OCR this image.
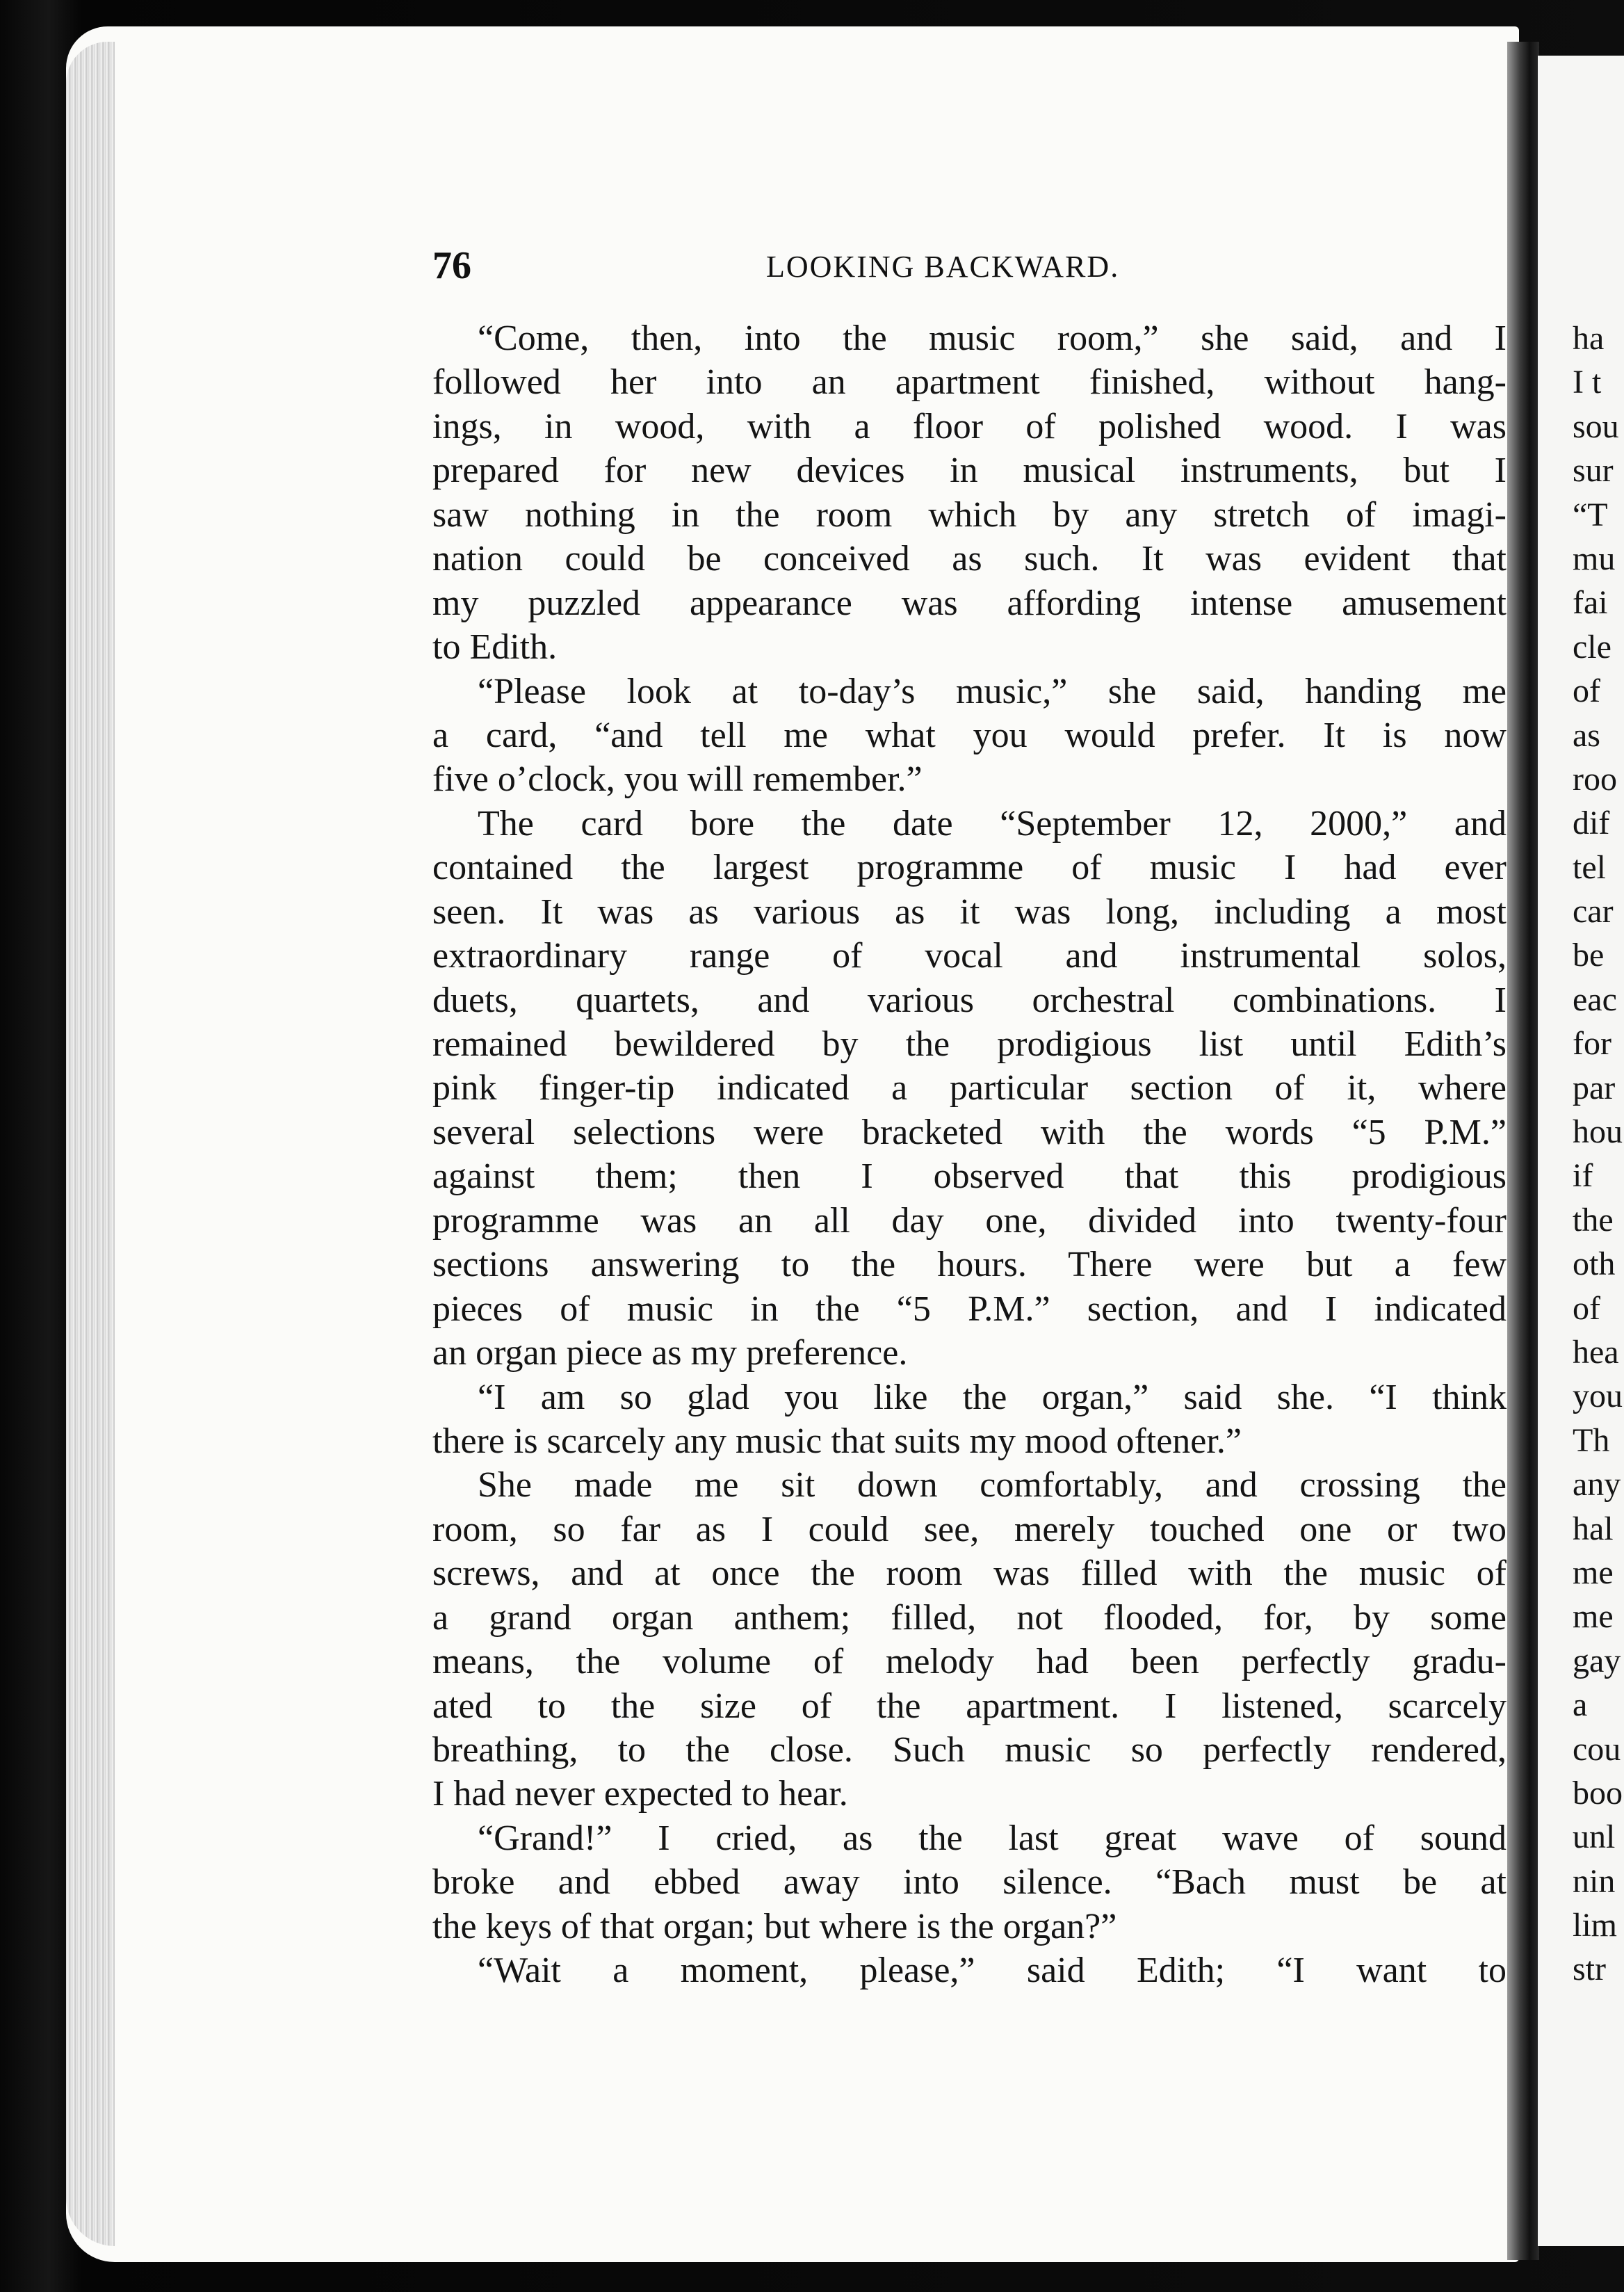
ha
I t
sou
sur
“T
mu
fai
cle
of
as
roo
dif
tel
car
be
eac
for
par
hou
if
the
oth
of
hea
you
Th
any
hal
me
me
gay
a
cou
boo
unl
nin
lim
str

76	LOOKING BACKWARD.

“Come, then, into the music room,” she said, and I
followed her into an apartment finished, without hang-
ings, in wood, with a floor of polished wood. I was
prepared for new devices in musical instruments, but I
saw nothing in the room which by any stretch of imagi-
nation could be conceived as such. It was evident that
my puzzled appearance was affording intense amusement
to Edith.
“Please look at to-day’s music,” she said, handing me
a card, “and tell me what you would prefer. It is now
five o’clock, you will remember.”
The card bore the date “September 12, 2000,” and
contained the largest programme of music I had ever
seen. It was as various as it was long, including a most
extraordinary range of vocal and instrumental solos,
duets, quartets, and various orchestral combinations. I
remained bewildered by the prodigious list until Edith’s
pink finger-tip indicated a particular section of it, where
several selections were bracketed with the words “5 P.M.”
against them; then I observed that this prodigious
programme was an all day one, divided into twenty-four
sections answering to the hours. There were but a few
pieces of music in the “5 P.M.” section, and I indicated
an organ piece as my preference.
“I am so glad you like the organ,” said she. “I think
there is scarcely any music that suits my mood oftener.”
She made me sit down comfortably, and crossing the
room, so far as I could see, merely touched one or two
screws, and at once the room was filled with the music of
a grand organ anthem; filled, not flooded, for, by some
means, the volume of melody had been perfectly gradu-
ated to the size of the apartment. I listened, scarcely
breathing, to the close. Such music so perfectly rendered,
I had never expected to hear.
“Grand!” I cried, as the last great wave of sound
broke and ebbed away into silence. “Bach must be at
the keys of that organ; but where is the organ?”
“Wait a moment, please,” said Edith; “I want to
